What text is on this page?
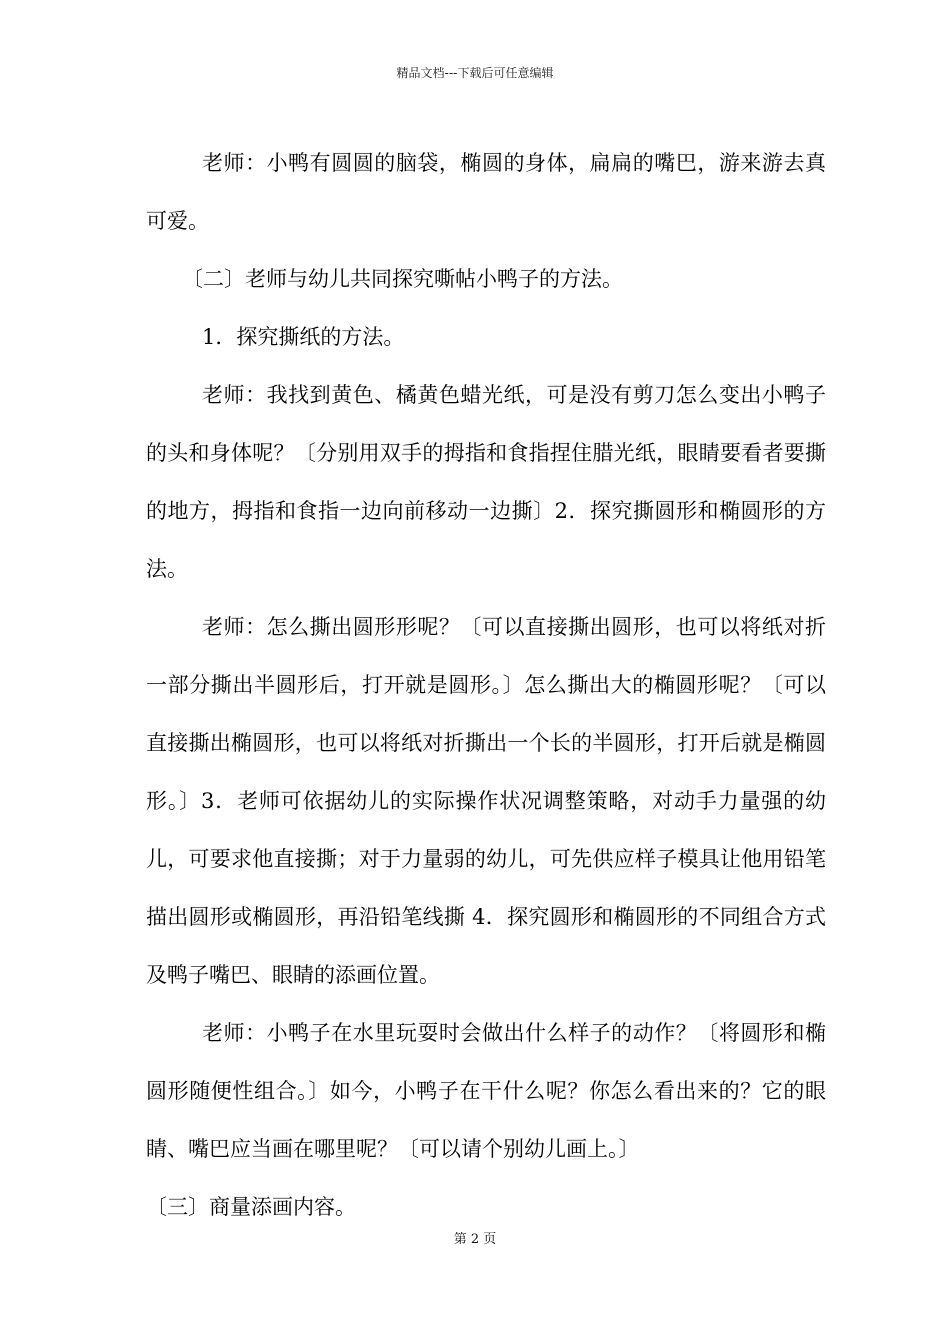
精品文档---下载后可任意编辑

老师：小鸭有圆圆的脑袋，椭圆的身体，扁扁的嘴巴，游来游去真可爱。

〔二〕老师与幼儿共同探究嘶帖小鸭子的方法。

1．探究撕纸的方法。

老师：我找到黄色、橘黄色蜡光纸，可是没有剪刀怎么变出小鸭子的头和身体呢？〔分别用双手的拇指和食指捏住腊光纸，眼睛要看者要撕的地方，拇指和食指一边向前移动一边撕〕2．探究撕圆形和椭圆形的方法。

老师：怎么撕出圆形形呢？〔可以直接撕出圆形，也可以将纸对折一部分撕出半圆形后，打开就是圆形。〕怎么撕出大的椭圆形呢？〔可以直接撕出椭圆形，也可以将纸对折撕出一个长的半圆形，打开后就是椭圆形。〕3．老师可依据幼儿的实际操作状况调整策略，对动手力量强的幼儿，可要求他直接撕；对于力量弱的幼儿，可先供应样子模具让他用铅笔描出圆形或椭圆形，再沿铅笔线撕 4．探究圆形和椭圆形的不同组合方式及鸭子嘴巴、眼睛的添画位置。

老师：小鸭子在水里玩耍时会做出什么样子的动作？〔将圆形和椭圆形随便性组合。〕如今，小鸭子在干什么呢？你怎么看出来的？它的眼睛、嘴巴应当画在哪里呢？〔可以请个别幼儿画上。〕

〔三〕商量添画内容。

第 2 页
